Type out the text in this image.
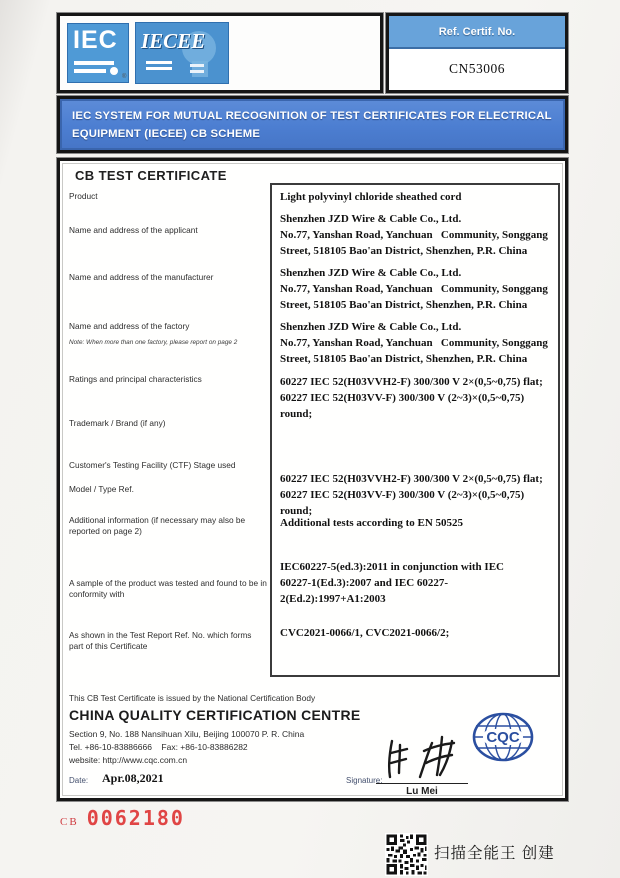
IEC
®
IECEE	Ref. Certif. No.
CN53006
IEC SYSTEM FOR MUTUAL RECOGNITION OF TEST CERTIFICATES FOR ELECTRICAL EQUIPMENT (IECEE) CB SCHEME
CB TEST CERTIFICATE
Product
Name and address of the applicant
Name and address of the manufacturer
Name and address of the factory
Note: When more than one factory, please report on page 2
Ratings and principal characteristics
Trademark / Brand (if any)
Customer's Testing Facility (CTF) Stage used
Model / Type Ref.
Additional information (if necessary may also be reported on page 2)
A sample of the product was tested and found to be in conformity with
As shown in the Test Report Ref. No. which forms part of this Certificate
Light polyvinyl chloride sheathed cord
Shenzhen JZD Wire & Cable Co., Ltd.
No.77, Yanshan Road, Yanchuan   Community, Songgang
Street, 518105 Bao'an District, Shenzhen, P.R. China
Shenzhen JZD Wire & Cable Co., Ltd.
No.77, Yanshan Road, Yanchuan   Community, Songgang
Street, 518105 Bao'an District, Shenzhen, P.R. China
Shenzhen JZD Wire & Cable Co., Ltd.
No.77, Yanshan Road, Yanchuan   Community, Songgang
Street, 518105 Bao'an District, Shenzhen, P.R. China
60227 IEC 52(H03VVH2-F) 300/300 V 2×(0,5~0,75) flat;
60227 IEC 52(H03VV-F) 300/300 V (2~3)×(0,5~0,75) round;
60227 IEC 52(H03VVH2-F) 300/300 V 2×(0,5~0,75) flat;
60227 IEC 52(H03VV-F) 300/300 V (2~3)×(0,5~0,75) round;
Additional tests according to EN 50525
IEC60227-5(ed.3):2011 in conjunction with IEC
60227-1(Ed.3):2007 and IEC 60227-2(Ed.2):1997+A1:2003
CVC2021-0066/1, CVC2021-0066/2;
This CB Test Certificate is issued by the National Certification Body
CHINA QUALITY CERTIFICATION CENTRE
Section 9, No. 188 Nansihuan Xilu, Beijing 100070 P. R. China
Tel. +86-10-83886666 Fax: +86-10-83886282
website: http://www.cqc.com.cn
Date: Apr.08,2021	Signature:
Lu Mei
CQC
CB 0062180
扫描全能王 创建
